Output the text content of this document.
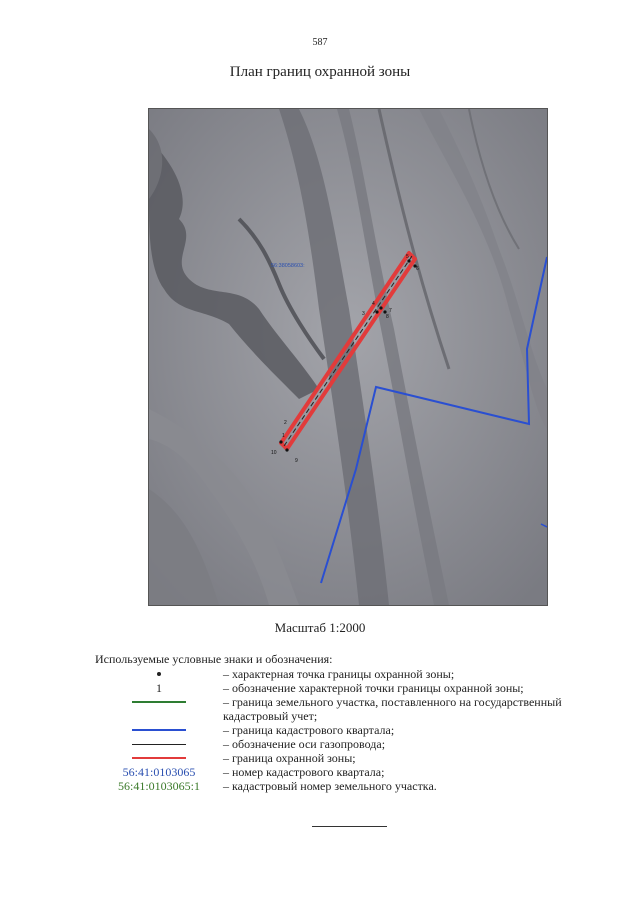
587
План границ охранной зоны
56:38058603:
1
2
3
4
5
6
7
8
9
10
Масштаб 1:2000
Используемые условные знаки и обозначения:
– характерная точка границы охранной зоны;
1	– обозначение характерной точки границы охранной зоны;
– граница земельного участка, поставленного на государственный кадастровый учет;
– граница кадастрового квартала;
– обозначение оси газопровода;
– граница охранной зоны;
56:41:0103065 – номер кадастрового квартала;
56:41:0103065:1 – кадастровый номер земельного участка.
